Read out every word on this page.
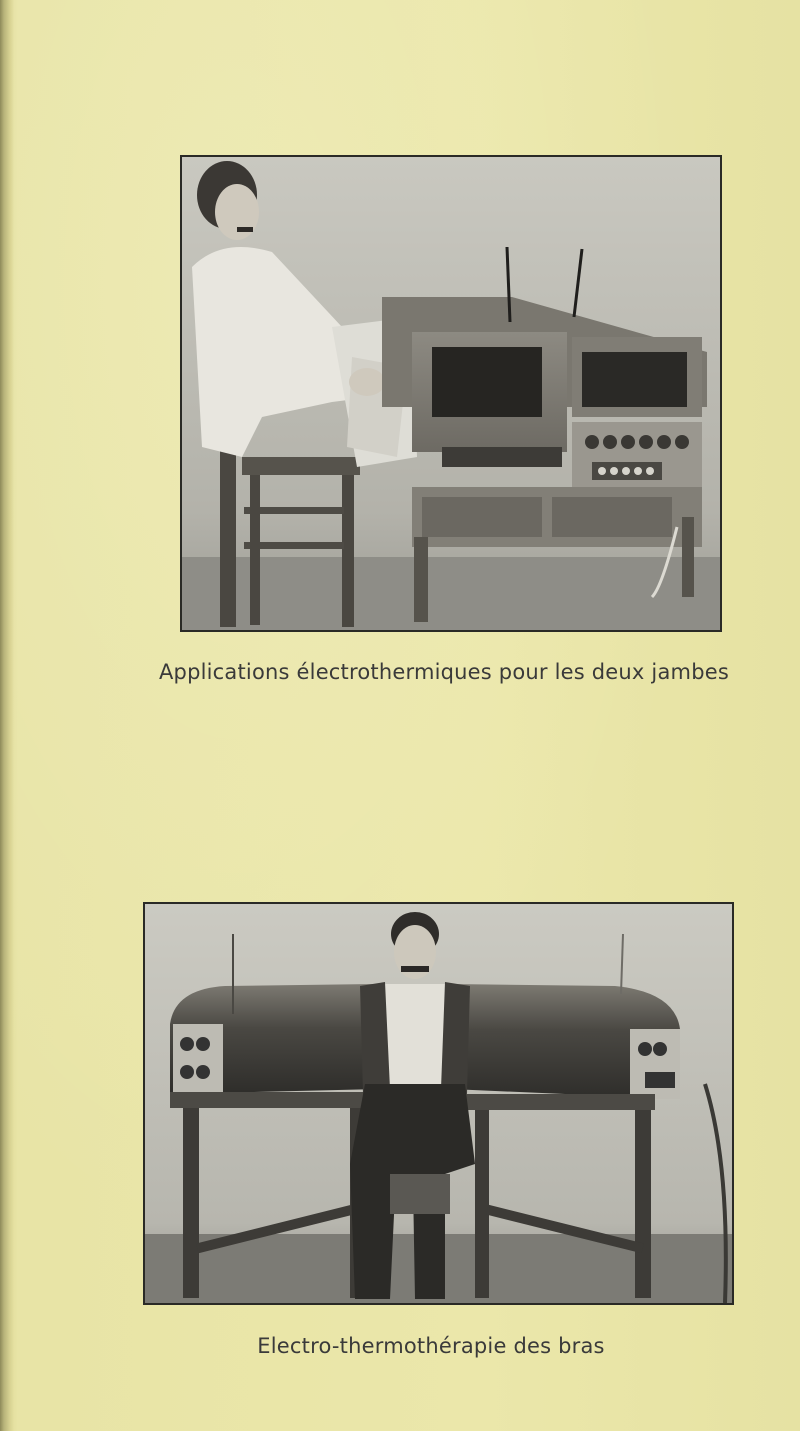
Applications électrothermiques pour les deux jambes
Electro-thermothérapie des bras
